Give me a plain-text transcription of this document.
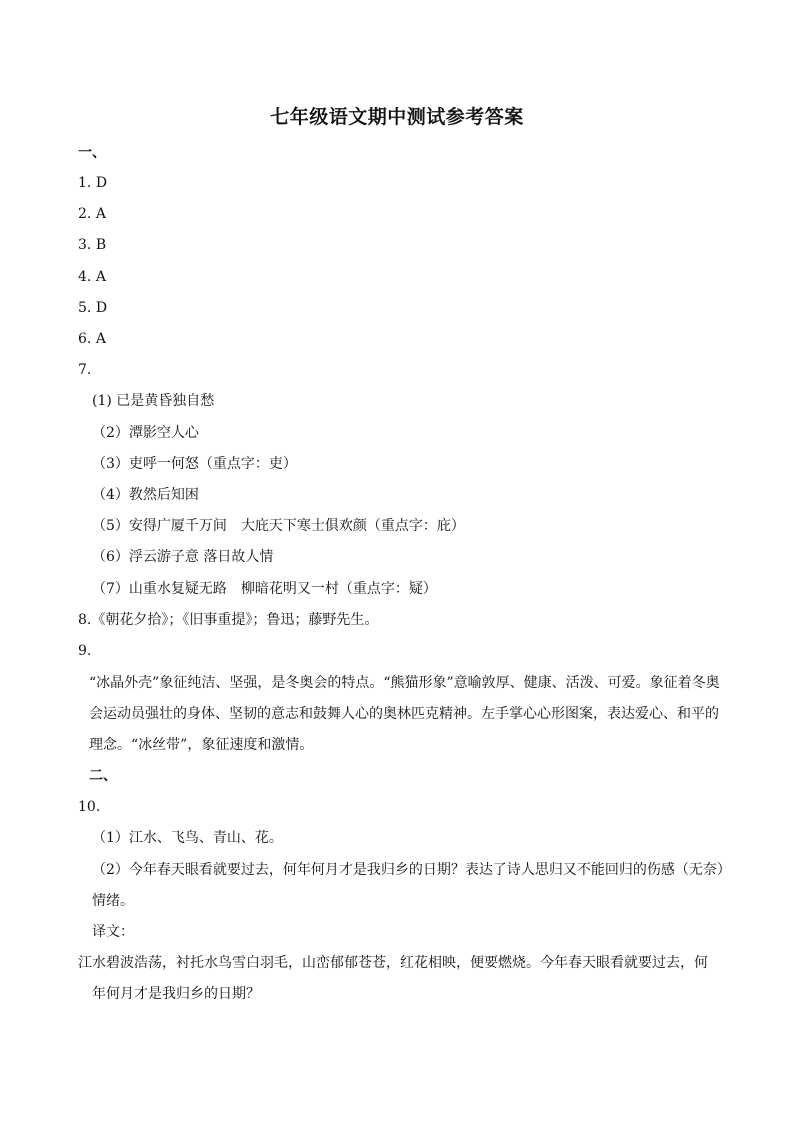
七年级语文期中测试参考答案
一、
1. D
2. A
3. B
4. A
5. D
6. A
7.
(1) 已是黄昏独自愁
（2）潭影空人心
（3）吏呼一何怒（重点字：吏）
（4）教然后知困
（5）安得广厦千万间　大庇天下寒士俱欢颜（重点字：庇）
（6）浮云游子意 落日故人情
（7）山重水复疑无路　柳暗花明又一村（重点字：疑）
8.《朝花夕拾》；《旧事重提》；鲁迅；藤野先生。
9.
“冰晶外壳”象征纯洁、坚强，是冬奥会的特点。“熊猫形象”意喻敦厚、健康、活泼、可爱。象征着冬奥会运动员强壮的身体、坚韧的意志和鼓舞人心的奥林匹克精神。左手掌心心形图案，表达爱心、和平的理念。“冰丝带”，象征速度和激情。
二、
10.
（1）江水、飞鸟、青山、花。
（2）今年春天眼看就要过去，何年何月才是我归乡的日期？表达了诗人思归又不能回归的伤感（无奈）情绪。
译文：
江水碧波浩荡，衬托水鸟雪白羽毛，山峦郁郁苍苍，红花相映，便要燃烧。今年春天眼看就要过去，何
年何月才是我归乡的日期？
